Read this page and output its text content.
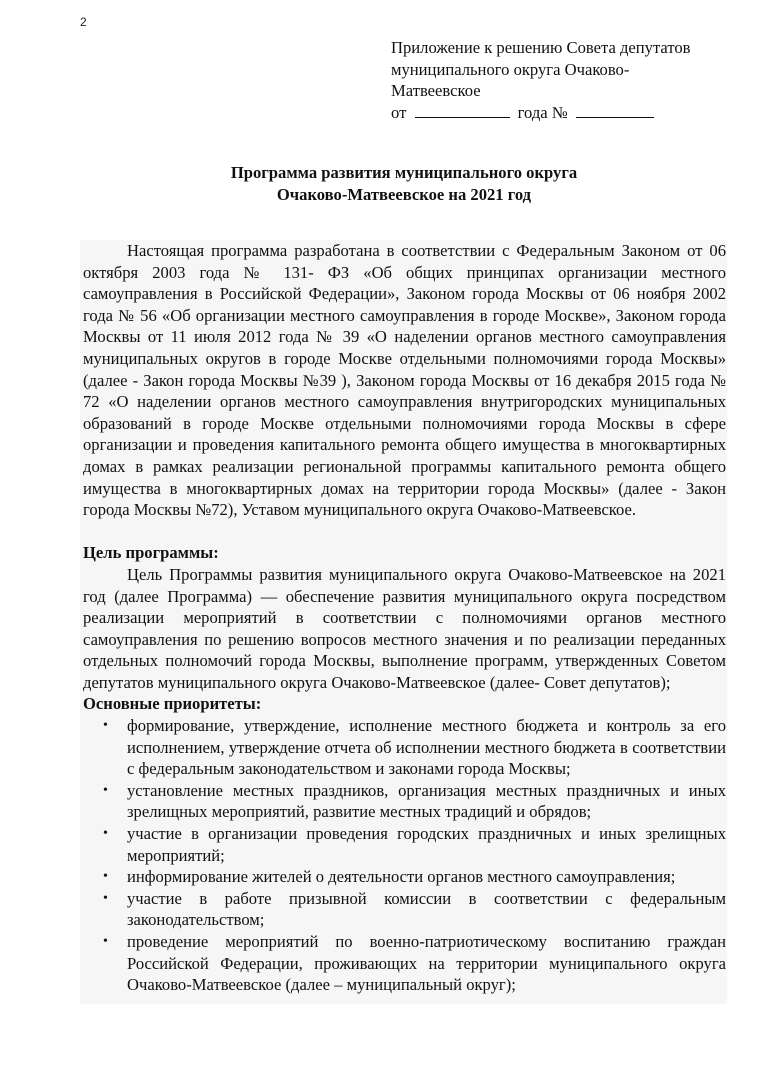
2
Приложение к решению Совета депутатов
муниципального округа Очаково-
Матвеевское
от	года №
Программа развития муниципального округа
Очаково-Матвеевское на 2021 год

Настоящая программа разработана в соответствии с Федеральным Законом от 06 октября 2003 года № 131- ФЗ «Об общих принципах организации местного самоуправления в Российской Федерации», Законом города Москвы от 06 ноября 2002 года № 56 «Об организации местного самоуправления в городе Москве», Законом города Москвы от 11 июля 2012 года № 39 «О наделении органов местного самоуправления муниципальных округов в городе Москве отдельными полномочиями города Москвы» (далее - Закон города Москвы №39 ), Законом города Москвы от 16 декабря 2015 года № 72 «О наделении органов местного самоуправления внутригородских муниципальных образований в городе Москве отдельными полномочиями города Москвы в сфере организации и проведения капитального ремонта общего имущества в многоквартирных домах в рамках реализации региональной программы капитального ремонта общего имущества в многоквартирных домах на территории города Москвы» (далее - Закон города Москвы №72), Уставом муниципального округа Очаково-Матвеевское.

Цель программы:

Цель Программы развития муниципального округа Очаково-Матвеевское на 2021 год (далее Программа) — обеспечение развития муниципального округа посредством реализации мероприятий в соответствии с полномочиями органов местного самоуправления по решению вопросов местного значения и по реализации переданных отдельных полномочий города Москвы, выполнение программ, утвержденных Советом депутатов муниципального округа Очаково-Матвеевское (далее- Совет депутатов);

Основные приоритеты:

• формирование, утверждение, исполнение местного бюджета и контроль за его исполнением, утверждение отчета об исполнении местного бюджета в соответствии с федеральным законодательством и законами города Москвы;
• установление местных праздников, организация местных праздничных и иных зрелищных мероприятий, развитие местных традиций и обрядов;
• участие в организации проведения городских праздничных и иных зрелищных мероприятий;
• информирование жителей о деятельности органов местного самоуправления;
• участие в работе призывной комиссии в соответствии с федеральным законодательством;
• проведение мероприятий по военно-патриотическому воспитанию граждан Российской Федерации, проживающих на территории муниципального округа Очаково-Матвеевское (далее – муниципальный округ);
